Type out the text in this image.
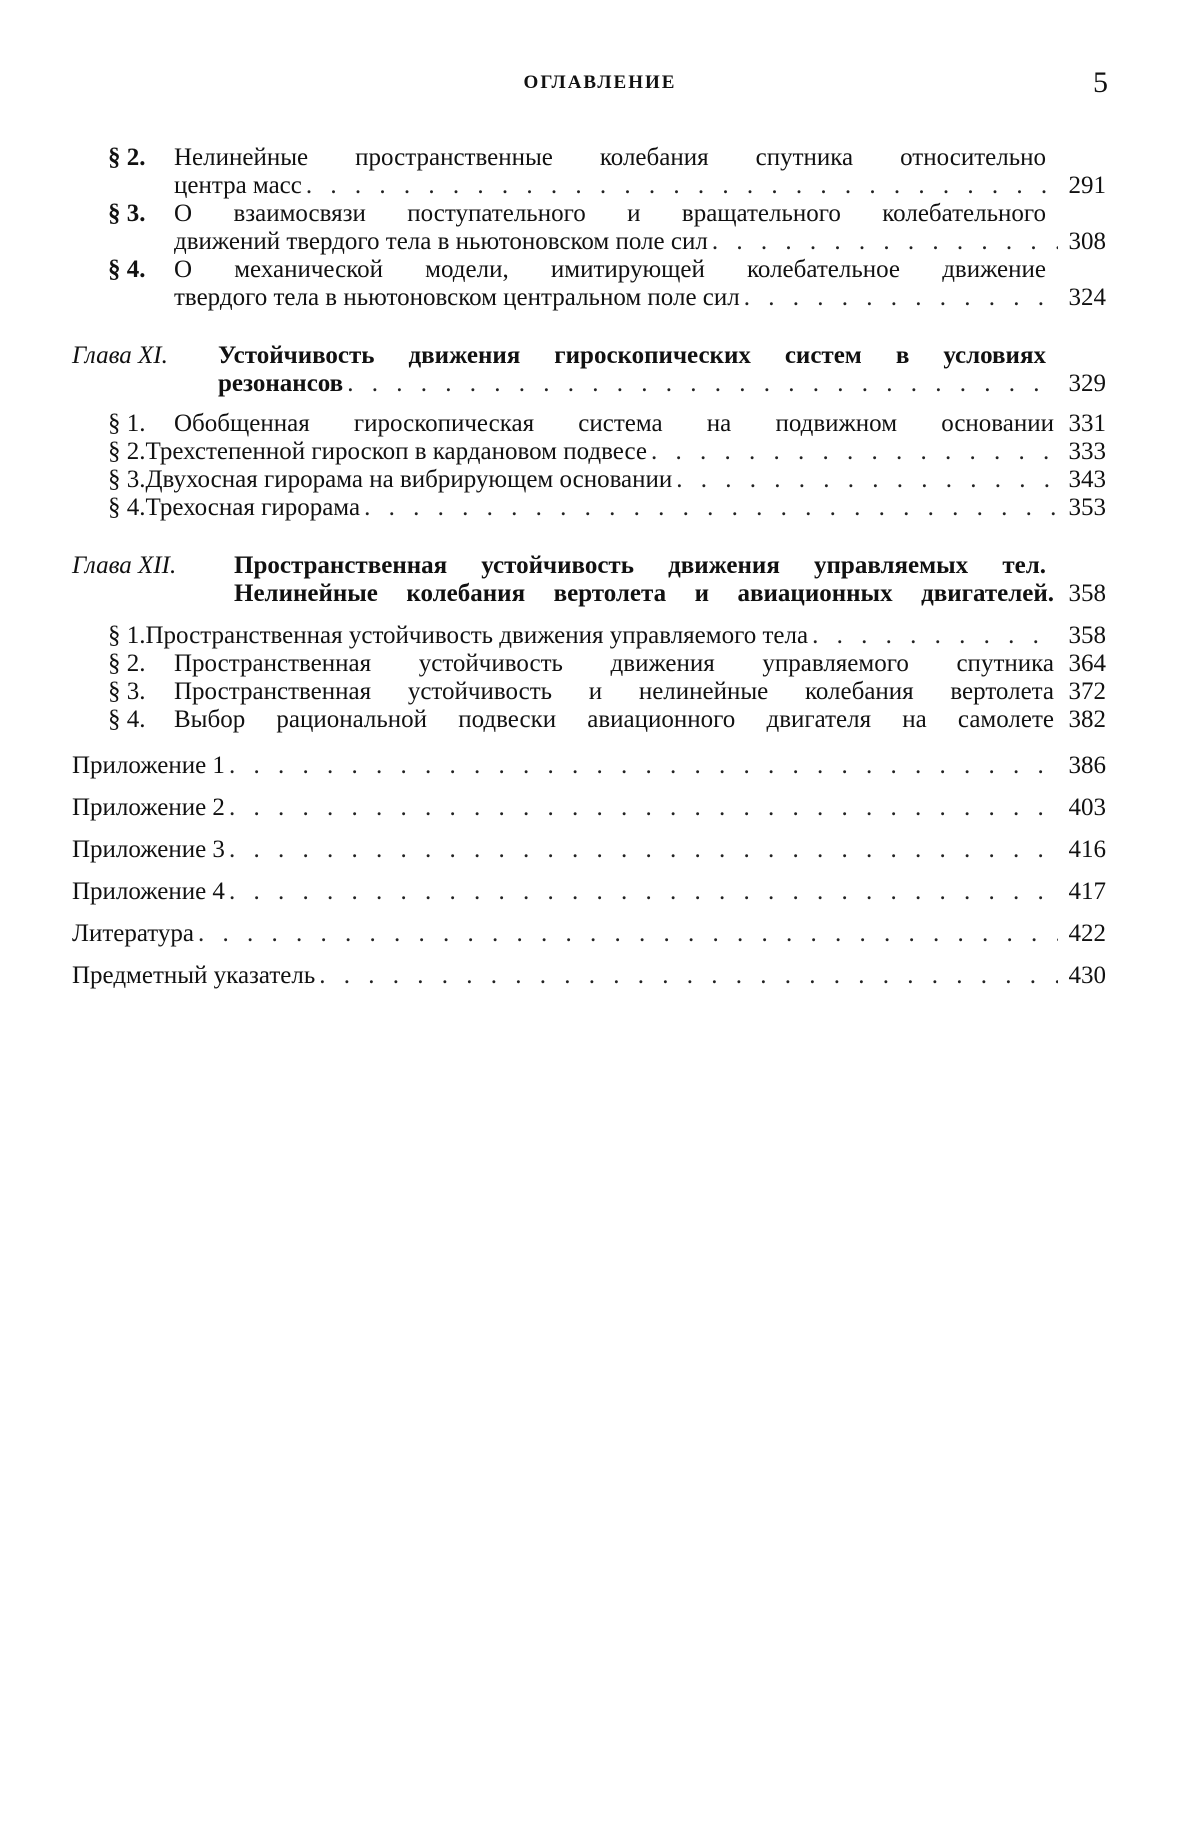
ОГЛАВЛЕНИЕ	5
§ 2.	Нелинейные пространственные колебания спутника относительно
центра масс . . .	291
§ 3.	О взаимосвязи поступательного и вращательного колебательного
движений твердого тела в ньютоновском поле сил . . .	308
§ 4.	О механической модели, имитирующей колебательное движение
твердого тела в ньютоновском центральном поле сил . . .	324
Глава XI.	Устойчивость движения гироскопических систем в условиях
резонансов . . .	329
§ 1.	Обобщенная гироскопическая система на подвижном основании 331
§ 2. Трехстепенной гироскоп в кардановом подвесе . . .	333
§ 3. Двухосная гирорама на вибрирующем основании . . .	343
§ 4. Трехосная гирорама . . .	353
Глава XII.	Пространственная устойчивость движения управляемых тел.
Нелинейные колебания вертолета и авиационных двигателей. 358
§ 1. Пространственная устойчивость движения управляемого тела . . .	358
§ 2.	Пространственная устойчивость движения управляемого спутника 364
§ 3.	Пространственная устойчивость и нелинейные колебания вертолета 372
§ 4.	Выбор рациональной подвески авиационного двигателя на самолете 382
Приложение 1 . . .	386
Приложение 2 . . .	403
Приложение 3 . . .	416
Приложение 4 . . .	417
Литература . . .	422
Предметный указатель . . .	430
